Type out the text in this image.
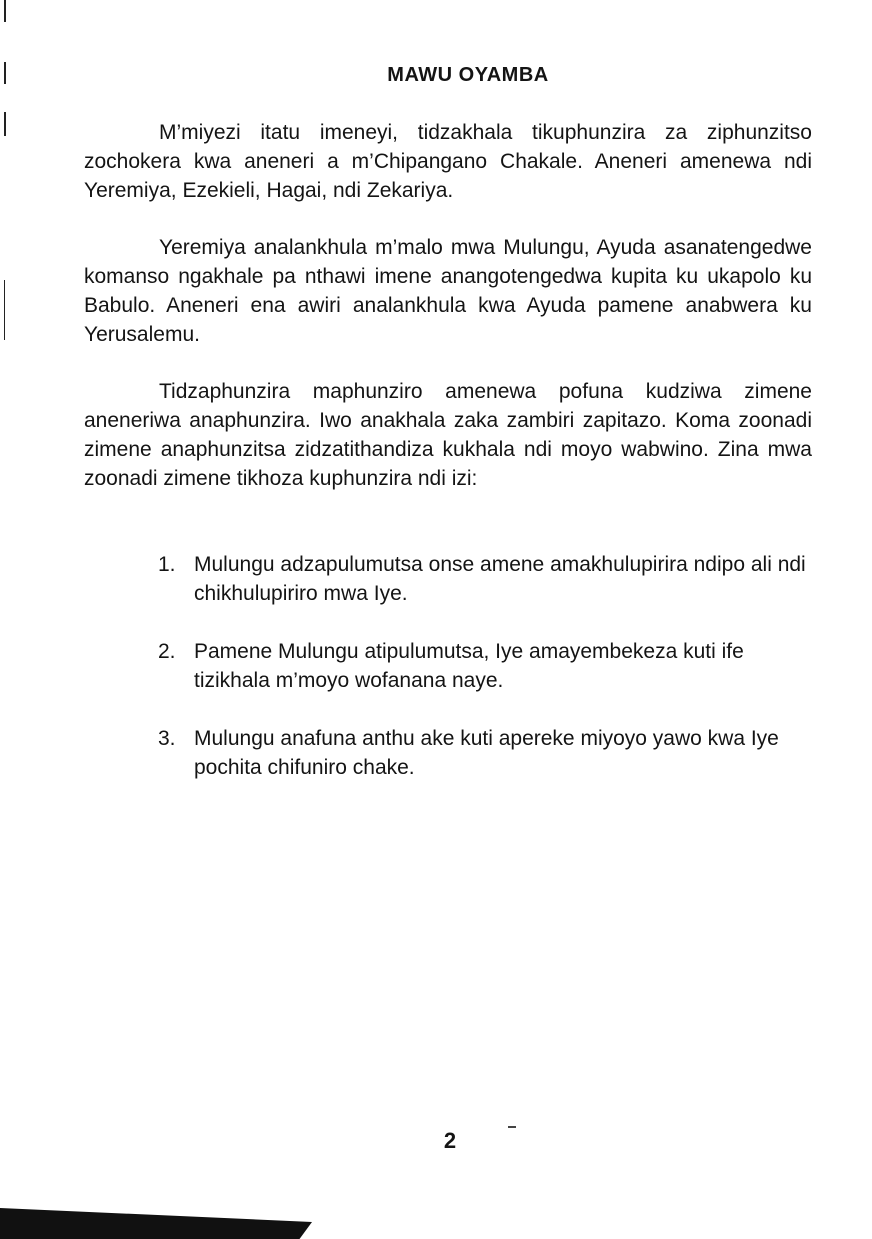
MAWU OYAMBA

M’miyezi itatu imeneyi, tidzakhala tikuphunzira za ziphunzitso zochokera kwa aneneri a m’Chipangano Chakale. Aneneri amenewa ndi Yeremiya, Ezekieli, Hagai, ndi Zekariya.

Yeremiya analankhula m’malo mwa Mulungu, Ayuda asanatengedwe komanso ngakhale pa nthawi imene anangotengedwa kupita ku ukapolo ku Babulo. Aneneri ena awiri analankhula kwa Ayuda pamene anabwera ku Yerusalemu.

Tidzaphunzira maphunziro amenewa pofuna kudziwa zimene aneneriwa anaphunzira. Iwo anakhala zaka zambiri zapitazo. Koma zoonadi zimene anaphunzitsa zidzatithandiza kukhala ndi moyo wabwino. Zina mwa zoonadi zimene tikhoza kuphunzira ndi izi:

1. Mulungu adzapulumutsa onse amene amakhulupirira ndipo ali ndi chikhulupiriro mwa Iye.
2. Pamene Mulungu atipulumutsa, Iye amayembekeza kuti ife tizikhala m’moyo wofanana naye.
3. Mulungu anafuna anthu ake kuti apereke miyoyo yawo kwa Iye pochita chifuniro chake.
2
